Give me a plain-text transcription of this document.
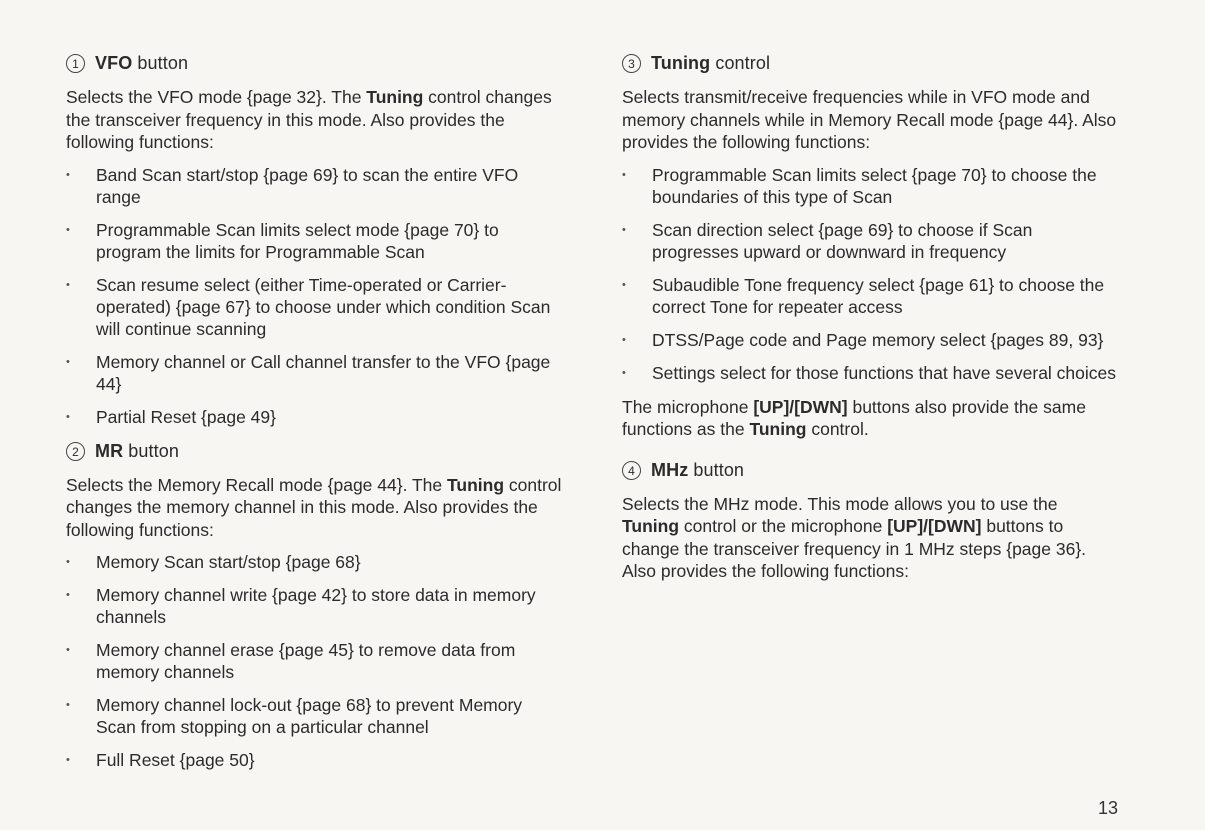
1 VFO button

Selects the VFO mode {page 32}. The Tuning control changes the transceiver frequency in this mode. Also provides the following functions:

• Band Scan start/stop {page 69} to scan the entire VFO range
• Programmable Scan limits select mode {page 70} to program the limits for Programmable Scan
• Scan resume select (either Time-operated or Carrier-operated) {page 67} to choose under which condition Scan will continue scanning
• Memory channel or Call channel transfer to the VFO {page 44}
• Partial Reset {page 49}
2 MR button

Selects the Memory Recall mode {page 44}. The Tuning control changes the memory channel in this mode. Also provides the following functions:

• Memory Scan start/stop {page 68}
• Memory channel write {page 42} to store data in memory channels
• Memory channel erase {page 45} to remove data from memory channels
• Memory channel lock-out {page 68} to prevent Memory Scan from stopping on a particular channel
• Full Reset {page 50}
3 Tuning control

Selects transmit/receive frequencies while in VFO mode and memory channels while in Memory Recall mode {page 44}. Also provides the following functions:

• Programmable Scan limits select {page 70} to choose the boundaries of this type of Scan
• Scan direction select {page 69} to choose if Scan progresses upward or downward in frequency
• Subaudible Tone frequency select {page 61} to choose the correct Tone for repeater access
• DTSS/Page code and Page memory select {pages 89, 93}
• Settings select for those functions that have several choices

The microphone [UP]/[DWN] buttons also provide the same functions as the Tuning control.

4 MHz button

Selects the MHz mode. This mode allows you to use the Tuning control or the microphone [UP]/[DWN] buttons to change the transceiver frequency in 1 MHz steps {page 36}. Also provides the following functions:

13
